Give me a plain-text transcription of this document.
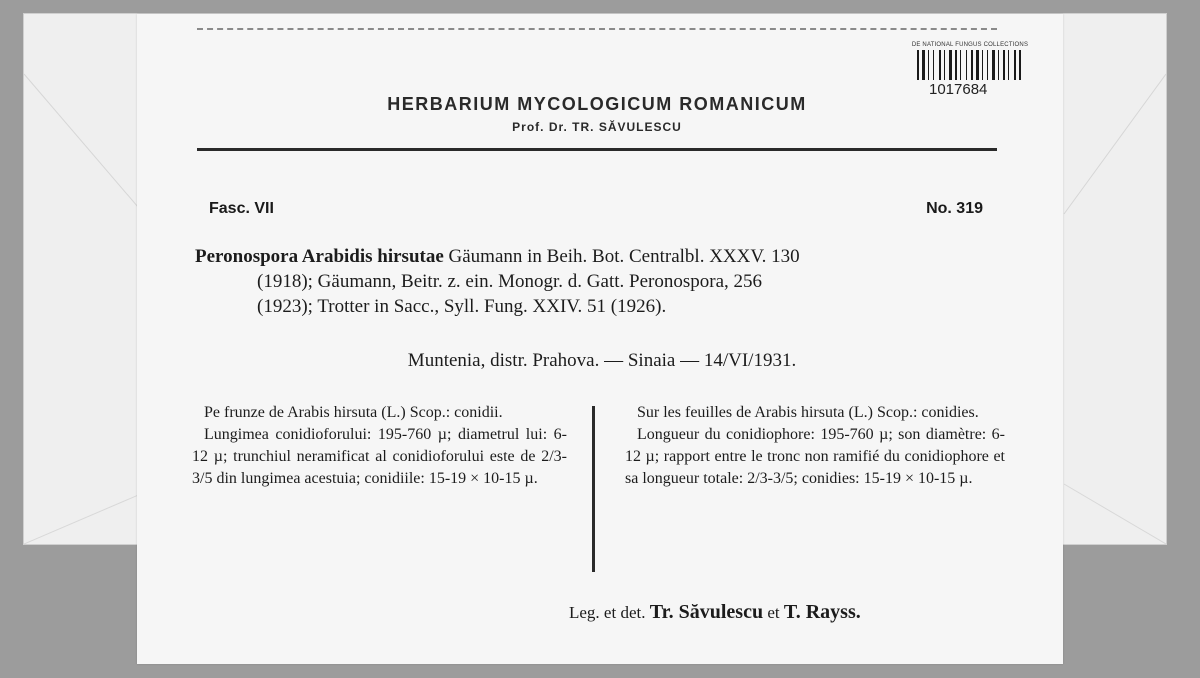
DE NATIONAL FUNGUS COLLECTIONS
1017684
HERBARIUM MYCOLOGICUM ROMANICUM
Prof. Dr. TR. SĂVULESCU
Fasc. VII	No. 319
Peronospora Arabidis hirsutae Gäumann in Beih. Bot. Centralbl. XXXV. 130
(1918); Gäumann, Beitr. z. ein. Monogr. d. Gatt. Peronospora, 256
(1923); Trotter in Sacc., Syll. Fung. XXIV. 51 (1926).
Muntenia, distr. Prahova. — Sinaia — 14/VI/1931.

Pe frunze de Arabis hirsuta (L.) Scop.: conidii.

Lungimea conidioforului: 195-760 µ; diametrul lui: 6-12 µ; trunchiul neramificat al conidioforului este de 2/3-3/5 din lungimea acestuia; conidiile: 15-19 × 10-15 µ.

Sur les feuilles de Arabis hirsuta (L.) Scop.: conidies.

Longueur du conidiophore: 195-760 µ; son diamètre: 6-12 µ; rapport entre le tronc non ramifié du conidiophore et sa longueur totale: 2/3-3/5; conidies: 15-19 × 10-15 µ.

Leg. et det. Tr. Săvulescu et T. Rayss.
